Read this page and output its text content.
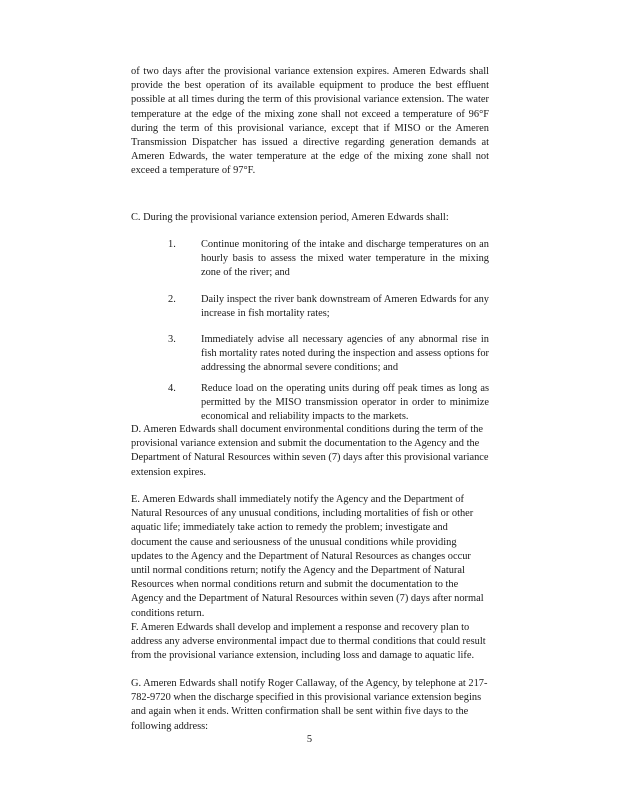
of two days after the provisional variance extension expires. Ameren Edwards shall provide the best operation of its available equipment to produce the best effluent possible at all times during the term of this provisional variance extension. The water temperature at the edge of the mixing zone shall not exceed a temperature of 96°F during the term of this provisional variance, except that if MISO or the Ameren Transmission Dispatcher has issued a directive regarding generation demands at Ameren Edwards, the water temperature at the edge of the mixing zone shall not exceed a temperature of 97°F.

C. During the provisional variance extension period, Ameren Edwards shall:

1. Continue monitoring of the intake and discharge temperatures on an hourly basis to assess the mixed water temperature in the mixing zone of the river; and
2. Daily inspect the river bank downstream of Ameren Edwards for any increase in fish mortality rates;
3. Immediately advise all necessary agencies of any abnormal rise in fish mortality rates noted during the inspection and assess options for addressing the abnormal severe conditions; and
4. Reduce load on the operating units during off peak times as long as permitted by the MISO transmission operator in order to minimize economical and reliability impacts to the markets.

D. Ameren Edwards shall document environmental conditions during the term of the provisional variance extension and submit the documentation to the Agency and the Department of Natural Resources within seven (7) days after this provisional variance extension expires.

E. Ameren Edwards shall immediately notify the Agency and the Department of Natural Resources of any unusual conditions, including mortalities of fish or other aquatic life; immediately take action to remedy the problem; investigate and document the cause and seriousness of the unusual conditions while providing updates to the Agency and the Department of Natural Resources as changes occur until normal conditions return; notify the Agency and the Department of Natural Resources when normal conditions return and submit the documentation to the Agency and the Department of Natural Resources within seven (7) days after normal conditions return.

F. Ameren Edwards shall develop and implement a response and recovery plan to address any adverse environmental impact due to thermal conditions that could result from the provisional variance extension, including loss and damage to aquatic life.

G. Ameren Edwards shall notify Roger Callaway, of the Agency, by telephone at 217-782-9720 when the discharge specified in this provisional variance extension begins and again when it ends. Written confirmation shall be sent within five days to the following address:

5
